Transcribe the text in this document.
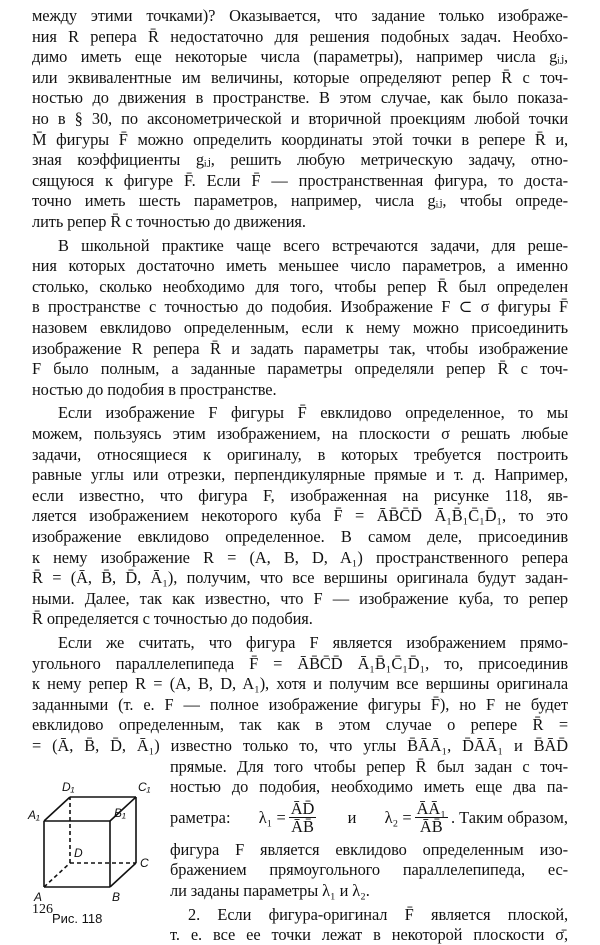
между этими точками)? Оказывается, что задание только изображе-
ния R репера R̄ недостаточно для решения подобных задач. Необхо-
димо иметь еще некоторые числа (параметры), например числа gᵢⱼ,
или эквивалентные им величины, которые определяют репер R̄ с точ-
ностью до движения в пространстве. В этом случае, как было показа-
но в § 30, по аксонометрической и вторичной проекциям любой точки
M̄ фигуры F̄ можно определить координаты этой точки в репере R̄ и,
зная коэффициенты gᵢⱼ, решить любую метрическую задачу, отно-
сящуюся к фигуре F̄. Если F̄ — пространственная фигура, то доста-
точно иметь шесть параметров, например, числа gᵢⱼ, чтобы опреде-
лить репер R̄ с точностью до движения.
В школьной практике чаще всего встречаются задачи, для реше-
ния которых достаточно иметь меньшее число параметров, а именно
столько, сколько необходимо для того, чтобы репер R̄ был определен
в пространстве с точностью до подобия. Изображение F ⊂ σ фигуры F̄
назовем евклидово определенным, если к нему можно присоединить
изображение R репера R̄ и задать параметры так, чтобы изображение
F было полным, а заданные параметры определяли репер R̄ с точ-
ностью до подобия в пространстве.
Если изображение F фигуры F̄ евклидово определенное, то мы
можем, пользуясь этим изображением, на плоскости σ решать любые
задачи, относящиеся к оригиналу, в которых требуется построить
равные углы или отрезки, перпендикулярные прямые и т. д. Например,
если известно, что фигура F, изображенная на рисунке 118, яв-
ляется изображением некоторого куба F̄ = ĀB̄C̄D̄ Ā₁B̄₁C̄₁D̄₁, то это
изображение евклидово определенное. В самом деле, присоединив
к нему изображение R = (A, B, D, A₁) пространственного репера
R̄ = (Ā, B̄, D̄, Ā₁), получим, что все вершины оригинала будут задан-
ными. Далее, так как известно, что F — изображение куба, то репер
R̄ определяется с точностью до подобия.
Если же считать, что фигура F является изображением прямо-
угольного параллелепипеда F̄ = ĀB̄C̄D̄ Ā₁B̄₁C̄₁D̄₁, то, присоединив
к нему репер R = (A, B, D, A₁), хотя и получим все вершины оригинала
заданными (т. е. F — полное изображение фигуры F̄), но F не будет
евклидово определенным, так как в этом случае о репере R̄ =
= (Ā, B̄, D̄, Ā₁) известно только то, что углы B̄ĀĀ₁, D̄ĀĀ₁ и B̄ĀD̄
A	B
C
D
A₁	B₁
C₁
D₁
Рис. 118
прямые. Для того чтобы репер R̄ был задан с точ-
ностью до подобия, необходимо иметь еще два па-
раметра: $\lambda_1 = \frac{ĀD̄}{ĀB̄}$ и $\lambda_2 = \frac{\text{ĀĀ₁}}{ĀB̄}$ . Таким образом,
фигура F является евклидово определенным изо-
бражением прямоугольного параллелепипеда, ес-
ли заданы параметры λ₁ и λ₂.
2. Если фигура-оригинал F̄ является плоской,
т. е. все ее точки лежат в некоторой плоскости σ̄,
126
